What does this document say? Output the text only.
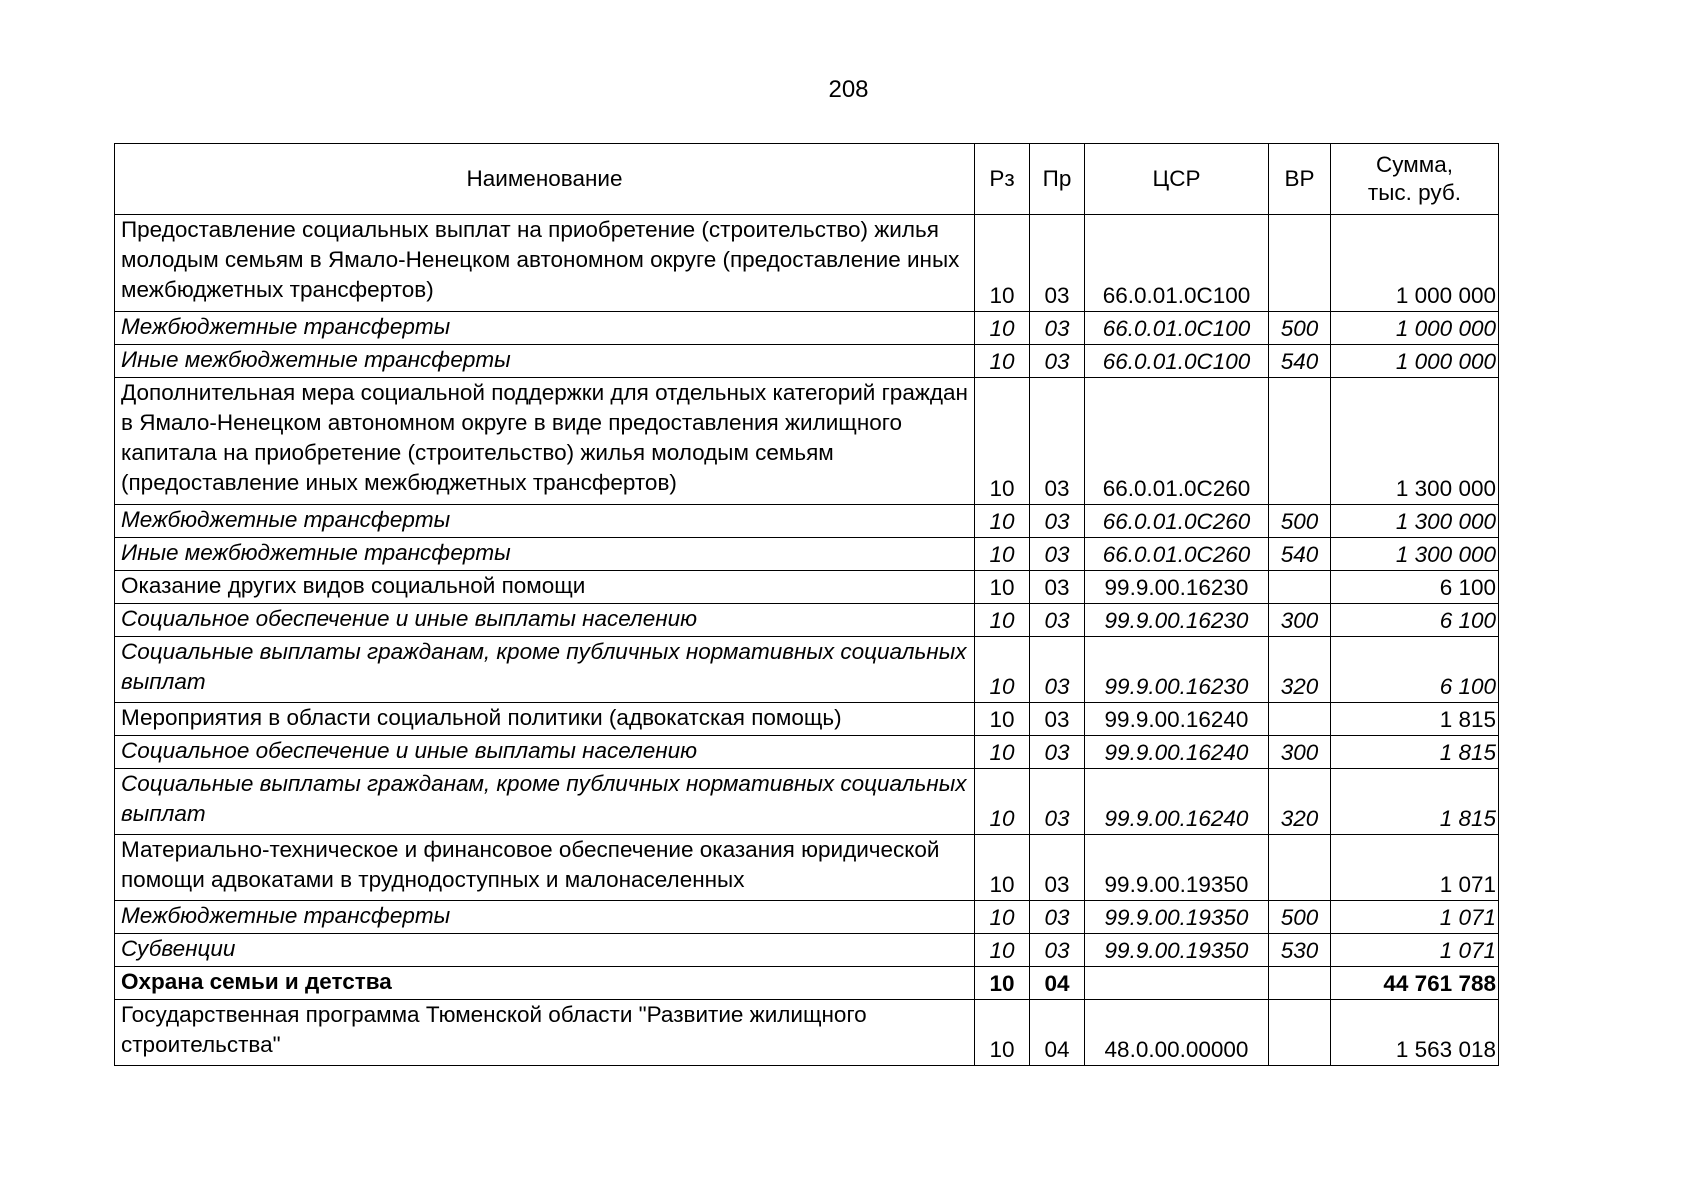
208
Наименование	Рз	Пр	ЦСР	ВР	Сумма,
тыс. руб.
Предоставление социальных выплат на приобретение (строительство) жилья молодым семьям в Ямало-Ненецком автономном округе (предоставление иных межбюджетных трансфертов)	10	03	66.0.01.0С100		1 000 000
Межбюджетные трансферты	10	03	66.0.01.0С100	500	1 000 000
Иные межбюджетные трансферты	10	03	66.0.01.0С100	540	1 000 000
Дополнительная мера социальной поддержки для отдельных категорий граждан в Ямало-Ненецком автономном округе в виде предоставления жилищного капитала на приобретение (строительство) жилья молодым семьям (предоставление иных межбюджетных трансфертов)	10	03	66.0.01.0С260		1 300 000
Межбюджетные трансферты	10	03	66.0.01.0С260	500	1 300 000
Иные межбюджетные трансферты	10	03	66.0.01.0С260	540	1 300 000
Оказание других видов социальной помощи	10	03	99.9.00.16230		6 100
Социальное обеспечение и иные выплаты населению	10	03	99.9.00.16230	300	6 100
Социальные выплаты гражданам, кроме публичных нормативных социальных выплат	10	03	99.9.00.16230	320	6 100
Мероприятия в области социальной политики (адвокатская помощь)	10	03	99.9.00.16240		1 815
Социальное обеспечение и иные выплаты населению	10	03	99.9.00.16240	300	1 815
Социальные выплаты гражданам, кроме публичных нормативных социальных выплат	10	03	99.9.00.16240	320	1 815
Материально-техническое и финансовое обеспечение оказания юридической помощи адвокатами в труднодоступных и малонаселенных	10	03	99.9.00.19350		1 071
Межбюджетные трансферты	10	03	99.9.00.19350	500	1 071
Субвенции	10	03	99.9.00.19350	530	1 071
Охрана семьи и детства	10	04			44 761 788
Государственная программа Тюменской области "Развитие жилищного строительства"	10	04	48.0.00.00000		1 563 018
